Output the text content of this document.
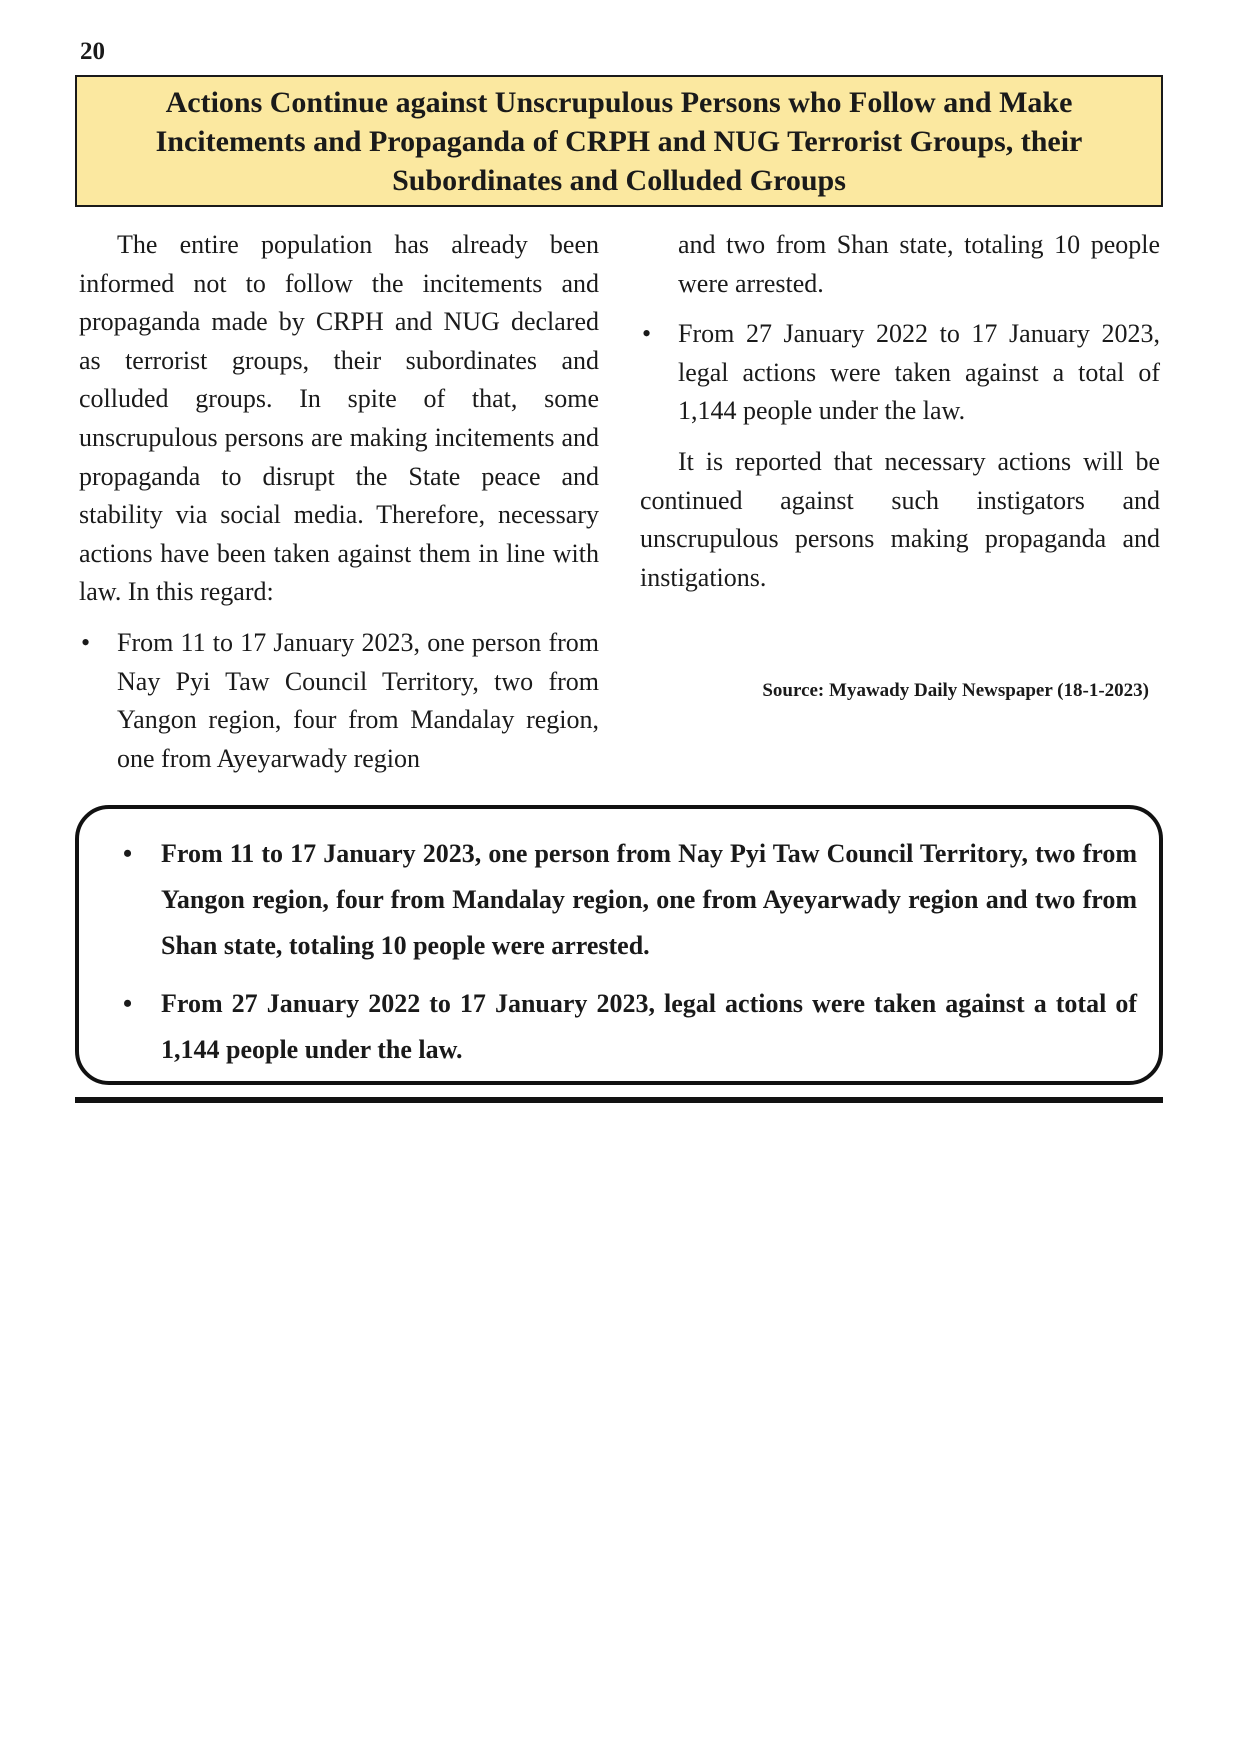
20
Actions Continue against Unscrupulous Persons who Follow and Make Incitements and Propaganda of CRPH and NUG Terrorist Groups, their Subordinates and Colluded Groups

The entire population has already been informed not to follow the incitements and propaganda made by CRPH and NUG declared as terrorist groups, their subordinates and colluded groups. In spite of that, some unscrupulous persons are making incitements and propaganda to disrupt the State peace and stability via social media. Therefore, necessary actions have been taken against them in line with law. In this regard:

• From 11 to 17 January 2023, one person from Nay Pyi Taw Council Territory, two from Yangon region, four from Mandalay region, one from Ayeyarwady region
and two from Shan state, totaling 10 people were arrested.
• From 27 January 2022 to 17 January 2023, legal actions were taken against a total of 1,144 people under the law.

It is reported that necessary actions will be continued against such instigators and unscrupulous persons making propaganda and instigations.

Source: Myawady Daily Newspaper (18-1-2023)
• From 11 to 17 January 2023, one person from Nay Pyi Taw Council Territory, two from Yangon region, four from Mandalay region, one from Ayeyarwady region and two from Shan state, totaling 10 people were arrested.
• From 27 January 2022 to 17 January 2023, legal actions were taken against a total of 1,144 people under the law.
